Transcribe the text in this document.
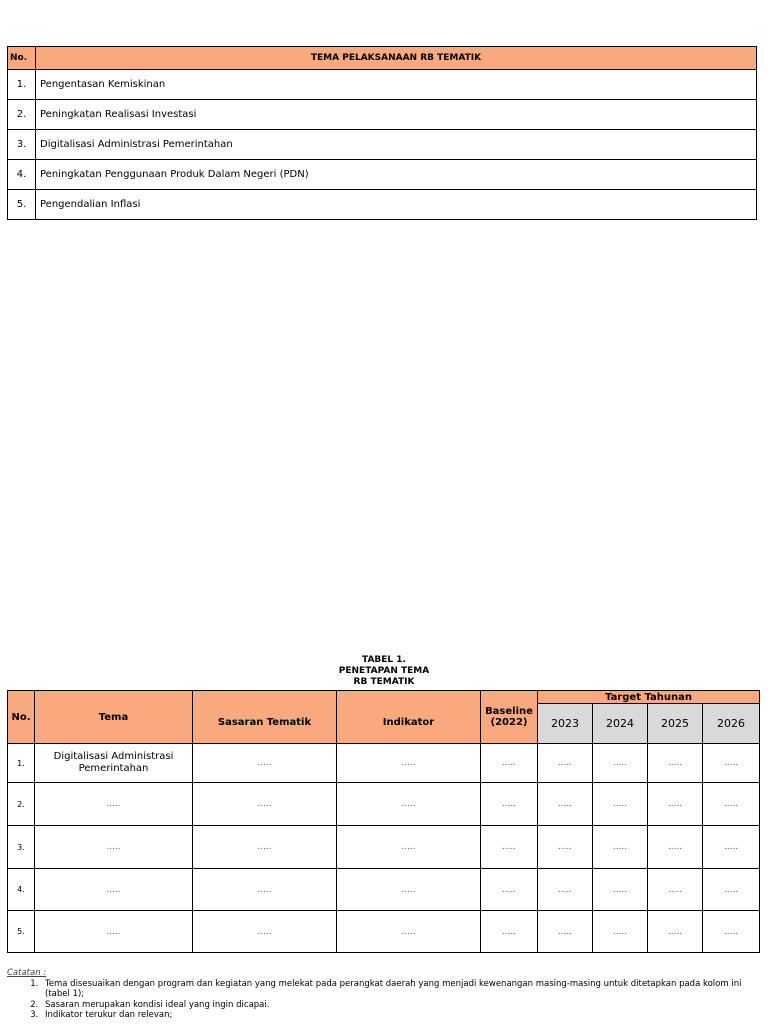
No.	TEMA PELAKSANAAN RB TEMATIK
1.	Pengentasan Kemiskinan
2.	Peningkatan Realisasi Investasi
3.	Digitalisasi Administrasi Pemerintahan
4.	Peningkatan Penggunaan Produk Dalam Negeri (PDN)
5.	Pengendalian Inflasi
TABEL 1.
PENETAPAN TEMA
RB TEMATIK
No.	Tema	Sasaran Tematik	Indikator	Baseline (2022)	Target Tahunan			
					2023	2024	2025	2026
1.	Digitalisasi Administrasi Pemerintahan	.....	.....	.....	.....	.....	.....	.....
2.	.....	.....	.....	.....	.....	.....	.....	.....
3.	.....	.....	.....	.....	.....	.....	.....	.....
4.	.....	.....	.....	.....	.....	.....	.....	.....
5.	.....	.....	.....	.....	.....	.....	.....	.....
Catatan :
1. Tema disesuaikan dengan program dan kegiatan yang melekat pada perangkat daerah yang menjadi kewenangan masing-masing untuk ditetapkan pada kolom ini (tabel 1);
2. Sasaran merupakan kondisi ideal yang ingin dicapai.
3. Indikator terukur dan relevan;
